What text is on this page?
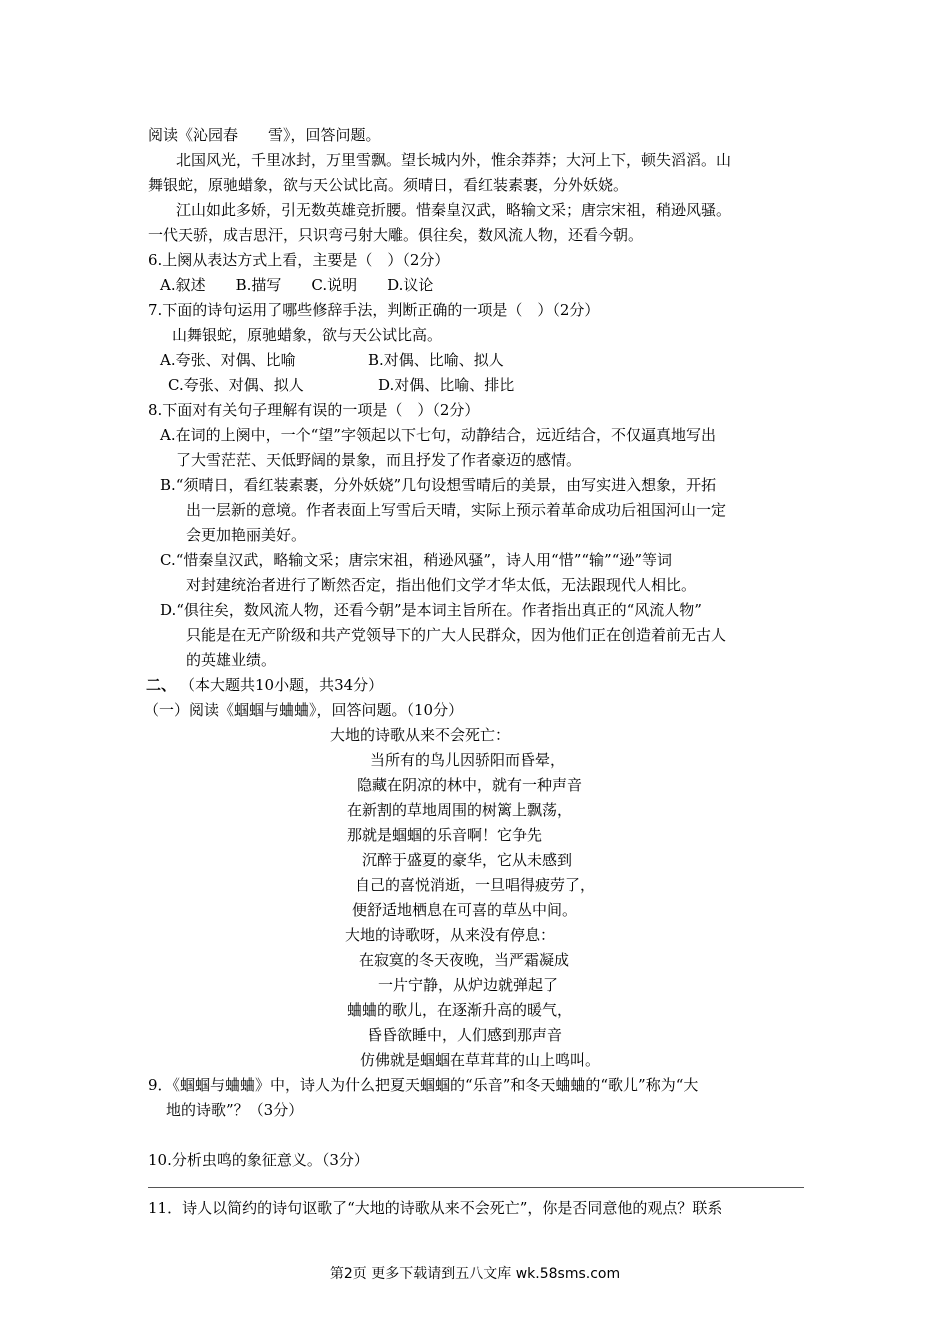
阅读《沁园春　　雪》，回答问题。
北国风光，千里冰封，万里雪飘。望长城内外，惟余莽莽；大河上下，顿失滔滔。山
舞银蛇，原驰蜡象，欲与天公试比高。须晴日，看红装素裹，分外妖娆。
江山如此多娇，引无数英雄竞折腰。惜秦皇汉武，略输文采；唐宗宋祖，稍逊风骚。
一代天骄，成吉思汗，只识弯弓射大雕。俱往矣，数风流人物，还看今朝。
6.上阕从表达方式上看，主要是（　）（2分）
A.叙述　　B.描写　　C.说明　　D.议论
7.下面的诗句运用了哪些修辞手法，判断正确的一项是（　）（2分）
山舞银蛇，原驰蜡象，欲与天公试比高。
A.夸张、对偶、比喻	B.对偶、比喻、拟人
C.夸张、对偶、拟人	D.对偶、比喻、排比
8.下面对有关句子理解有误的一项是（　）（2分）
A.在词的上阕中，一个“望”字领起以下七句，动静结合，远近结合，不仅逼真地写出
了大雪茫茫、天低野阔的景象，而且抒发了作者豪迈的感情。
B.“须晴日，看红装素裹，分外妖娆”几句设想雪晴后的美景，由写实进入想象，开拓
出一层新的意境。作者表面上写雪后天晴，实际上预示着革命成功后祖国河山一定
会更加艳丽美好。
C.“惜秦皇汉武，略输文采；唐宗宋祖，稍逊风骚”，诗人用“惜”“输”“逊”等词
对封建统治者进行了断然否定，指出他们文学才华太低，无法跟现代人相比。
D.“俱往矣，数风流人物，还看今朝”是本词主旨所在。作者指出真正的“风流人物”
只能是在无产阶级和共产党领导下的广大人民群众，因为他们正在创造着前无古人
的英雄业绩。
二、 （本大题共10小题，共34分）
（一）阅读《蝈蝈与蛐蛐》，回答问题。（10分）
大地的诗歌从来不会死亡：
当所有的鸟儿因骄阳而昏晕，
隐藏在阴凉的林中，就有一种声音
在新割的草地周围的树篱上飘荡，
那就是蝈蝈的乐音啊！它争先
沉醉于盛夏的豪华，它从未感到
自己的喜悦消逝，一旦唱得疲劳了，
便舒适地栖息在可喜的草丛中间。
大地的诗歌呀，从来没有停息：
在寂寞的冬天夜晚，当严霜凝成
一片宁静，从炉边就弹起了
蛐蛐的歌儿，在逐渐升高的暖气，
昏昏欲睡中，人们感到那声音
仿佛就是蝈蝈在草茸茸的山上鸣叫。
9．《蝈蝈与蛐蛐》中，诗人为什么把夏天蝈蝈的“乐音”和冬天蛐蛐的“歌儿”称为“大
地的诗歌”？（3分）
10.分析虫鸣的象征意义。（3分）
11．诗人以简约的诗句讴歌了“大地的诗歌从来不会死亡”，你是否同意他的观点？联系
第2页 更多下载请到五八文库 wk.58sms.com
